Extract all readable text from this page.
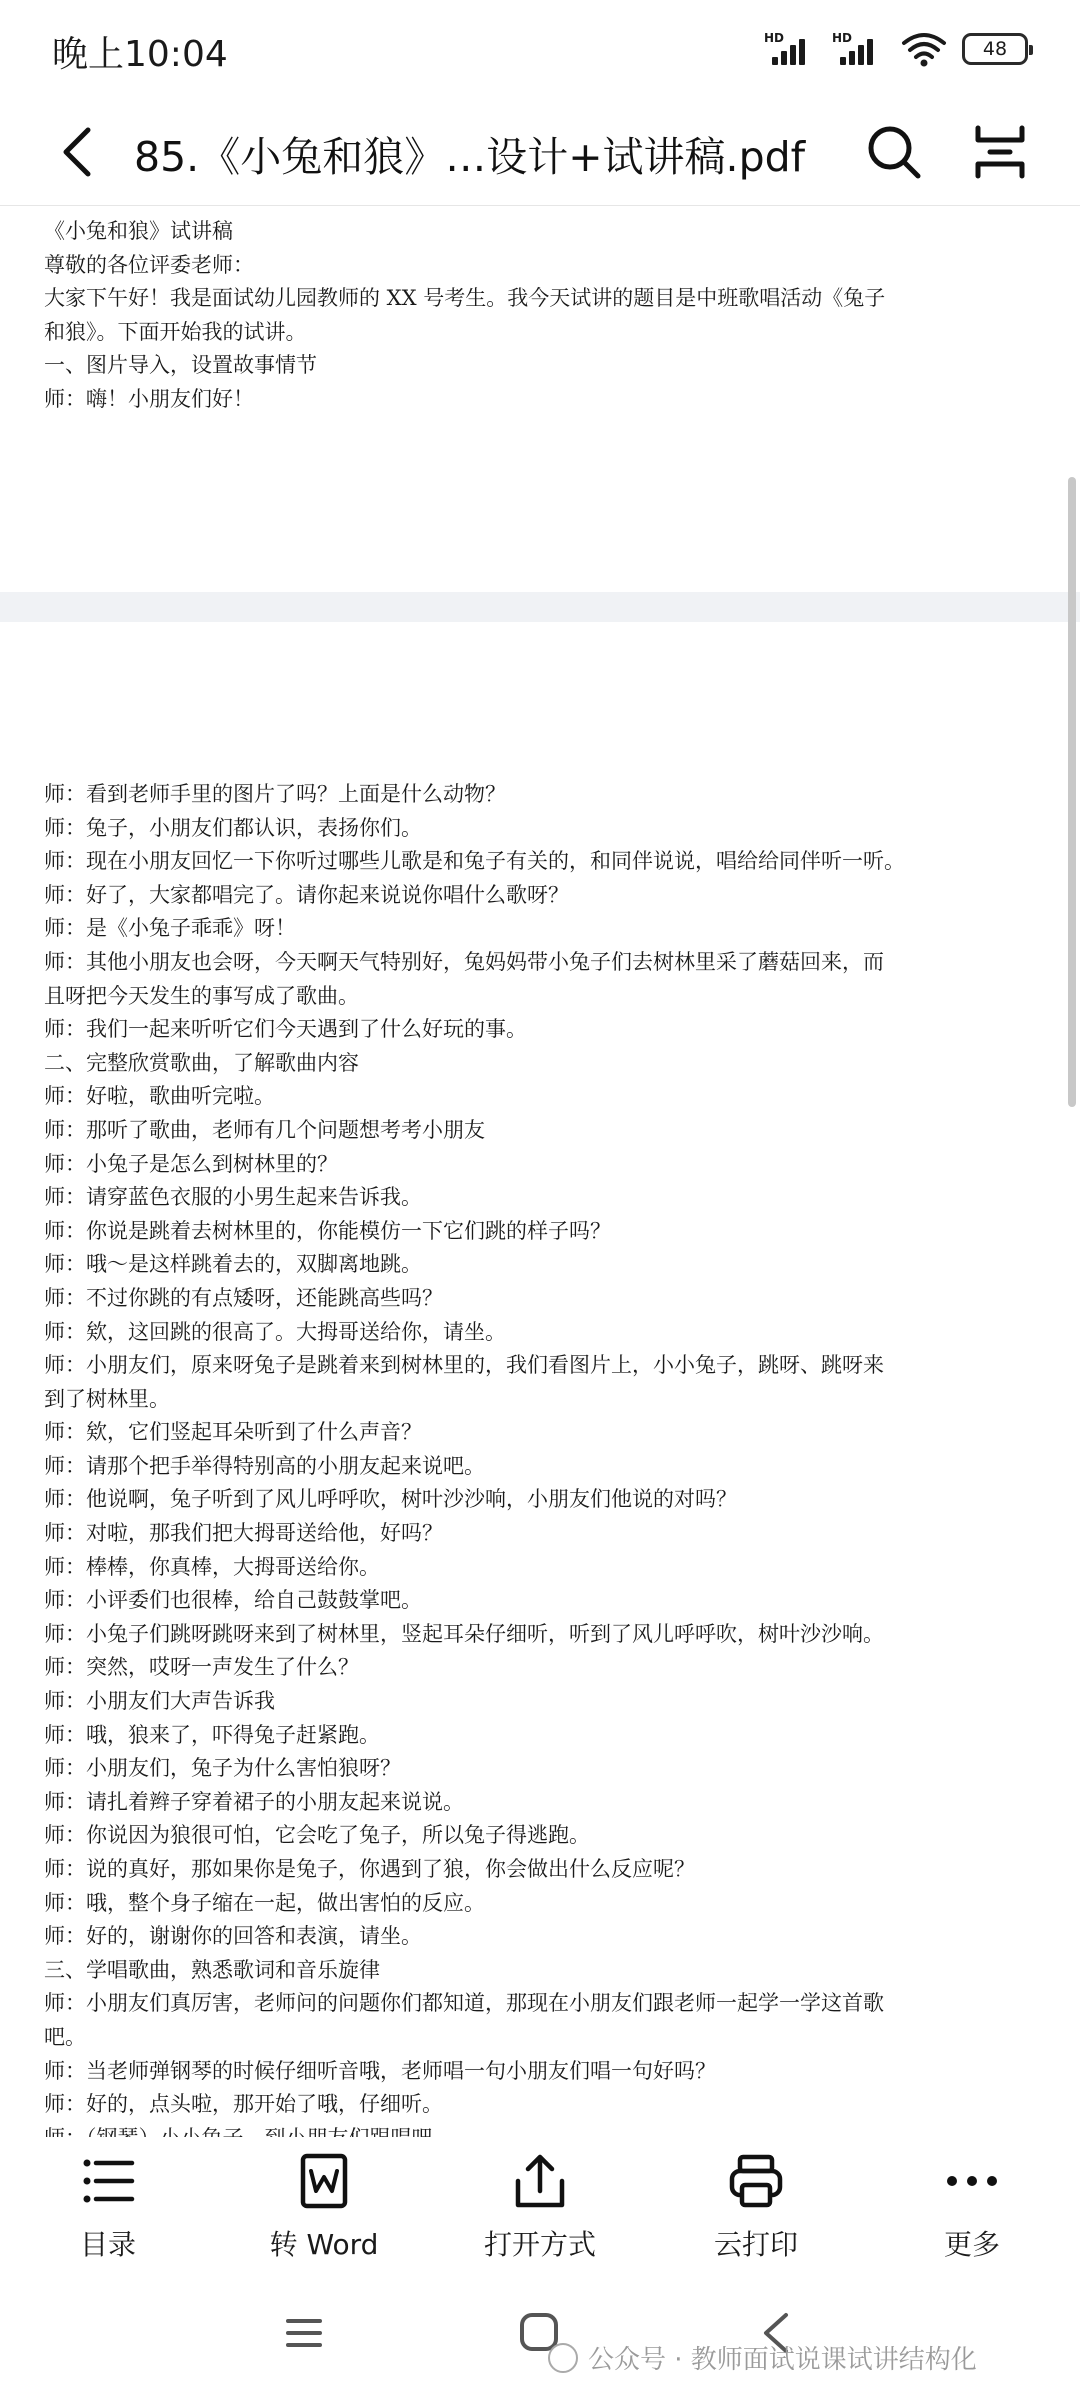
晚上10:04	HD	HD	48
85.《小兔和狼》…设计+试讲稿.pdf

《小兔和狼》试讲稿

尊敬的各位评委老师：

大家下午好！我是面试幼儿园教师的 XX 号考生。我今天试讲的题目是中班歌唱活动《兔子

和狼》。下面开始我的试讲。

一、图片导入，设置故事情节

师：嗨！小朋友们好！

师：看到老师手里的图片了吗？上面是什么动物？

师：兔子，小朋友们都认识，表扬你们。

师：现在小朋友回忆一下你听过哪些儿歌是和兔子有关的，和同伴说说，唱给给同伴听一听。

师：好了，大家都唱完了。请你起来说说你唱什么歌呀？

师：是《小兔子乖乖》呀！

师：其他小朋友也会呀，今天啊天气特别好，兔妈妈带小兔子们去树林里采了蘑菇回来，而

且呀把今天发生的事写成了歌曲。

师：我们一起来听听它们今天遇到了什么好玩的事。

二、完整欣赏歌曲，了解歌曲内容

师：好啦，歌曲听完啦。

师：那听了歌曲，老师有几个问题想考考小朋友

师：小兔子是怎么到树林里的？

师：请穿蓝色衣服的小男生起来告诉我。

师：你说是跳着去树林里的，你能模仿一下它们跳的样子吗？

师：哦～是这样跳着去的，双脚离地跳。

师：不过你跳的有点矮呀，还能跳高些吗？

师：欸，这回跳的很高了。大拇哥送给你，请坐。

师：小朋友们，原来呀兔子是跳着来到树林里的，我们看图片上，小小兔子，跳呀、跳呀来

到了树林里。

师：欸，它们竖起耳朵听到了什么声音？

师：请那个把手举得特别高的小朋友起来说吧。

师：他说啊，兔子听到了风儿呼呼吹，树叶沙沙响，小朋友们他说的对吗？

师：对啦，那我们把大拇哥送给他，好吗？

师：棒棒，你真棒，大拇哥送给你。

师：小评委们也很棒，给自己鼓鼓掌吧。

师：小兔子们跳呀跳呀来到了树林里，竖起耳朵仔细听，听到了风儿呼呼吹，树叶沙沙响。

师：突然，哎呀一声发生了什么？

师：小朋友们大声告诉我

师：哦，狼来了，吓得兔子赶紧跑。

师：小朋友们，兔子为什么害怕狼呀？

师：请扎着辫子穿着裙子的小朋友起来说说。

师：你说因为狼很可怕，它会吃了兔子，所以兔子得逃跑。

师：说的真好，那如果你是兔子，你遇到了狼，你会做出什么反应呢？

师：哦，整个身子缩在一起，做出害怕的反应。

师：好的，谢谢你的回答和表演，请坐。

三、学唱歌曲，熟悉歌词和音乐旋律

师：小朋友们真厉害，老师问的问题你们都知道，那现在小朋友们跟老师一起学一学这首歌

吧。

师：当老师弹钢琴的时候仔细听音哦，老师唱一句小朋友们唱一句好吗？

师：好的，点头啦，那开始了哦，仔细听。

目录	转 Word	打开方式	云打印	更多
公众号 · 教师面试说课试讲结构化
